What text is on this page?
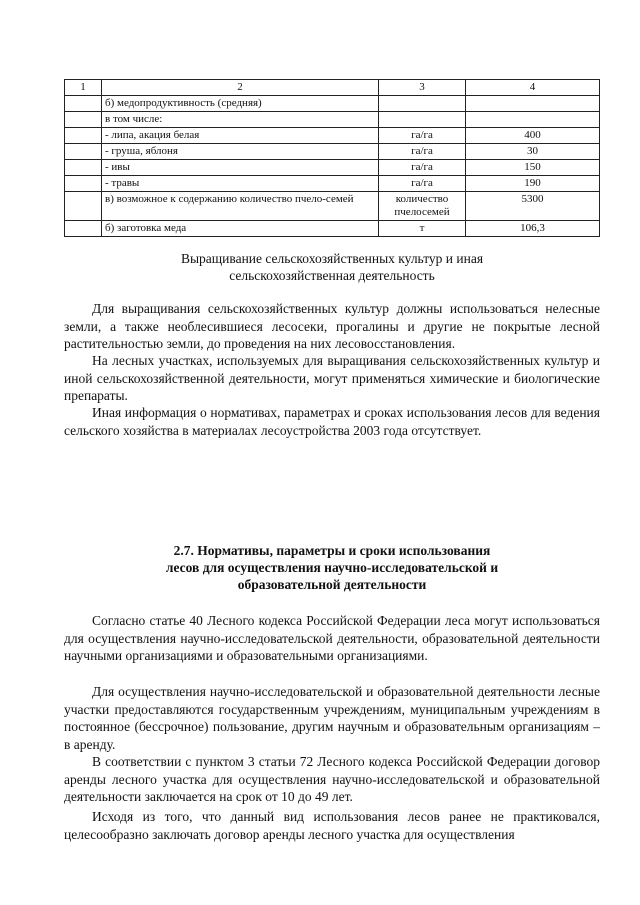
1	2	3	4
	б) медопродуктивность (средняя)		
	в том числе:		
	- липа, акация белая	га/га	400
	- груша, яблоня	га/га	30
	- ивы	га/га	150
	- травы	га/га	190
	в) возможное к содержанию количество пчело-семей	количество пчелосемей	5300
	б) заготовка меда	т	106,3
Выращивание сельскохозяйственных культур и иная
сельскохозяйственная деятельность

Для выращивания сельскохозяйственных культур должны использоваться нелесные земли, а также необлесившиеся лесосеки, прогалины и другие не покрытые лесной растительностью земли, до проведения на них лесовосстановления.

На лесных участках, используемых для выращивания сельскохозяйственных культур и иной сельскохозяйственной деятельности, могут применяться химические и биологические препараты.

Иная информация о нормативах, параметрах и сроках использования лесов для ведения сельского хозяйства в материалах лесоустройства 2003 года отсутствует.

2.7. Нормативы, параметры и сроки использования
лесов для осуществления научно-исследовательской и
образовательной деятельности

Согласно статье 40 Лесного кодекса Российской Федерации леса могут использоваться для осуществления научно-исследовательской деятельности, образовательной деятельности научными организациями и образовательными организациями.

Для осуществления научно-исследовательской и образовательной деятельности лесные участки предоставляются государственным учреждениям, муниципальным учреждениям в постоянное (бессрочное) пользование, другим научным и образовательным организациям – в аренду.

В соответствии с пунктом 3 статьи 72 Лесного кодекса Российской Федерации договор аренды лесного участка для осуществления научно-исследовательской и образовательной деятельности заключается на срок от 10 до 49 лет.

Исходя из того, что данный вид использования лесов ранее не практиковался, целесообразно заключать договор аренды лесного участка для осуществления
